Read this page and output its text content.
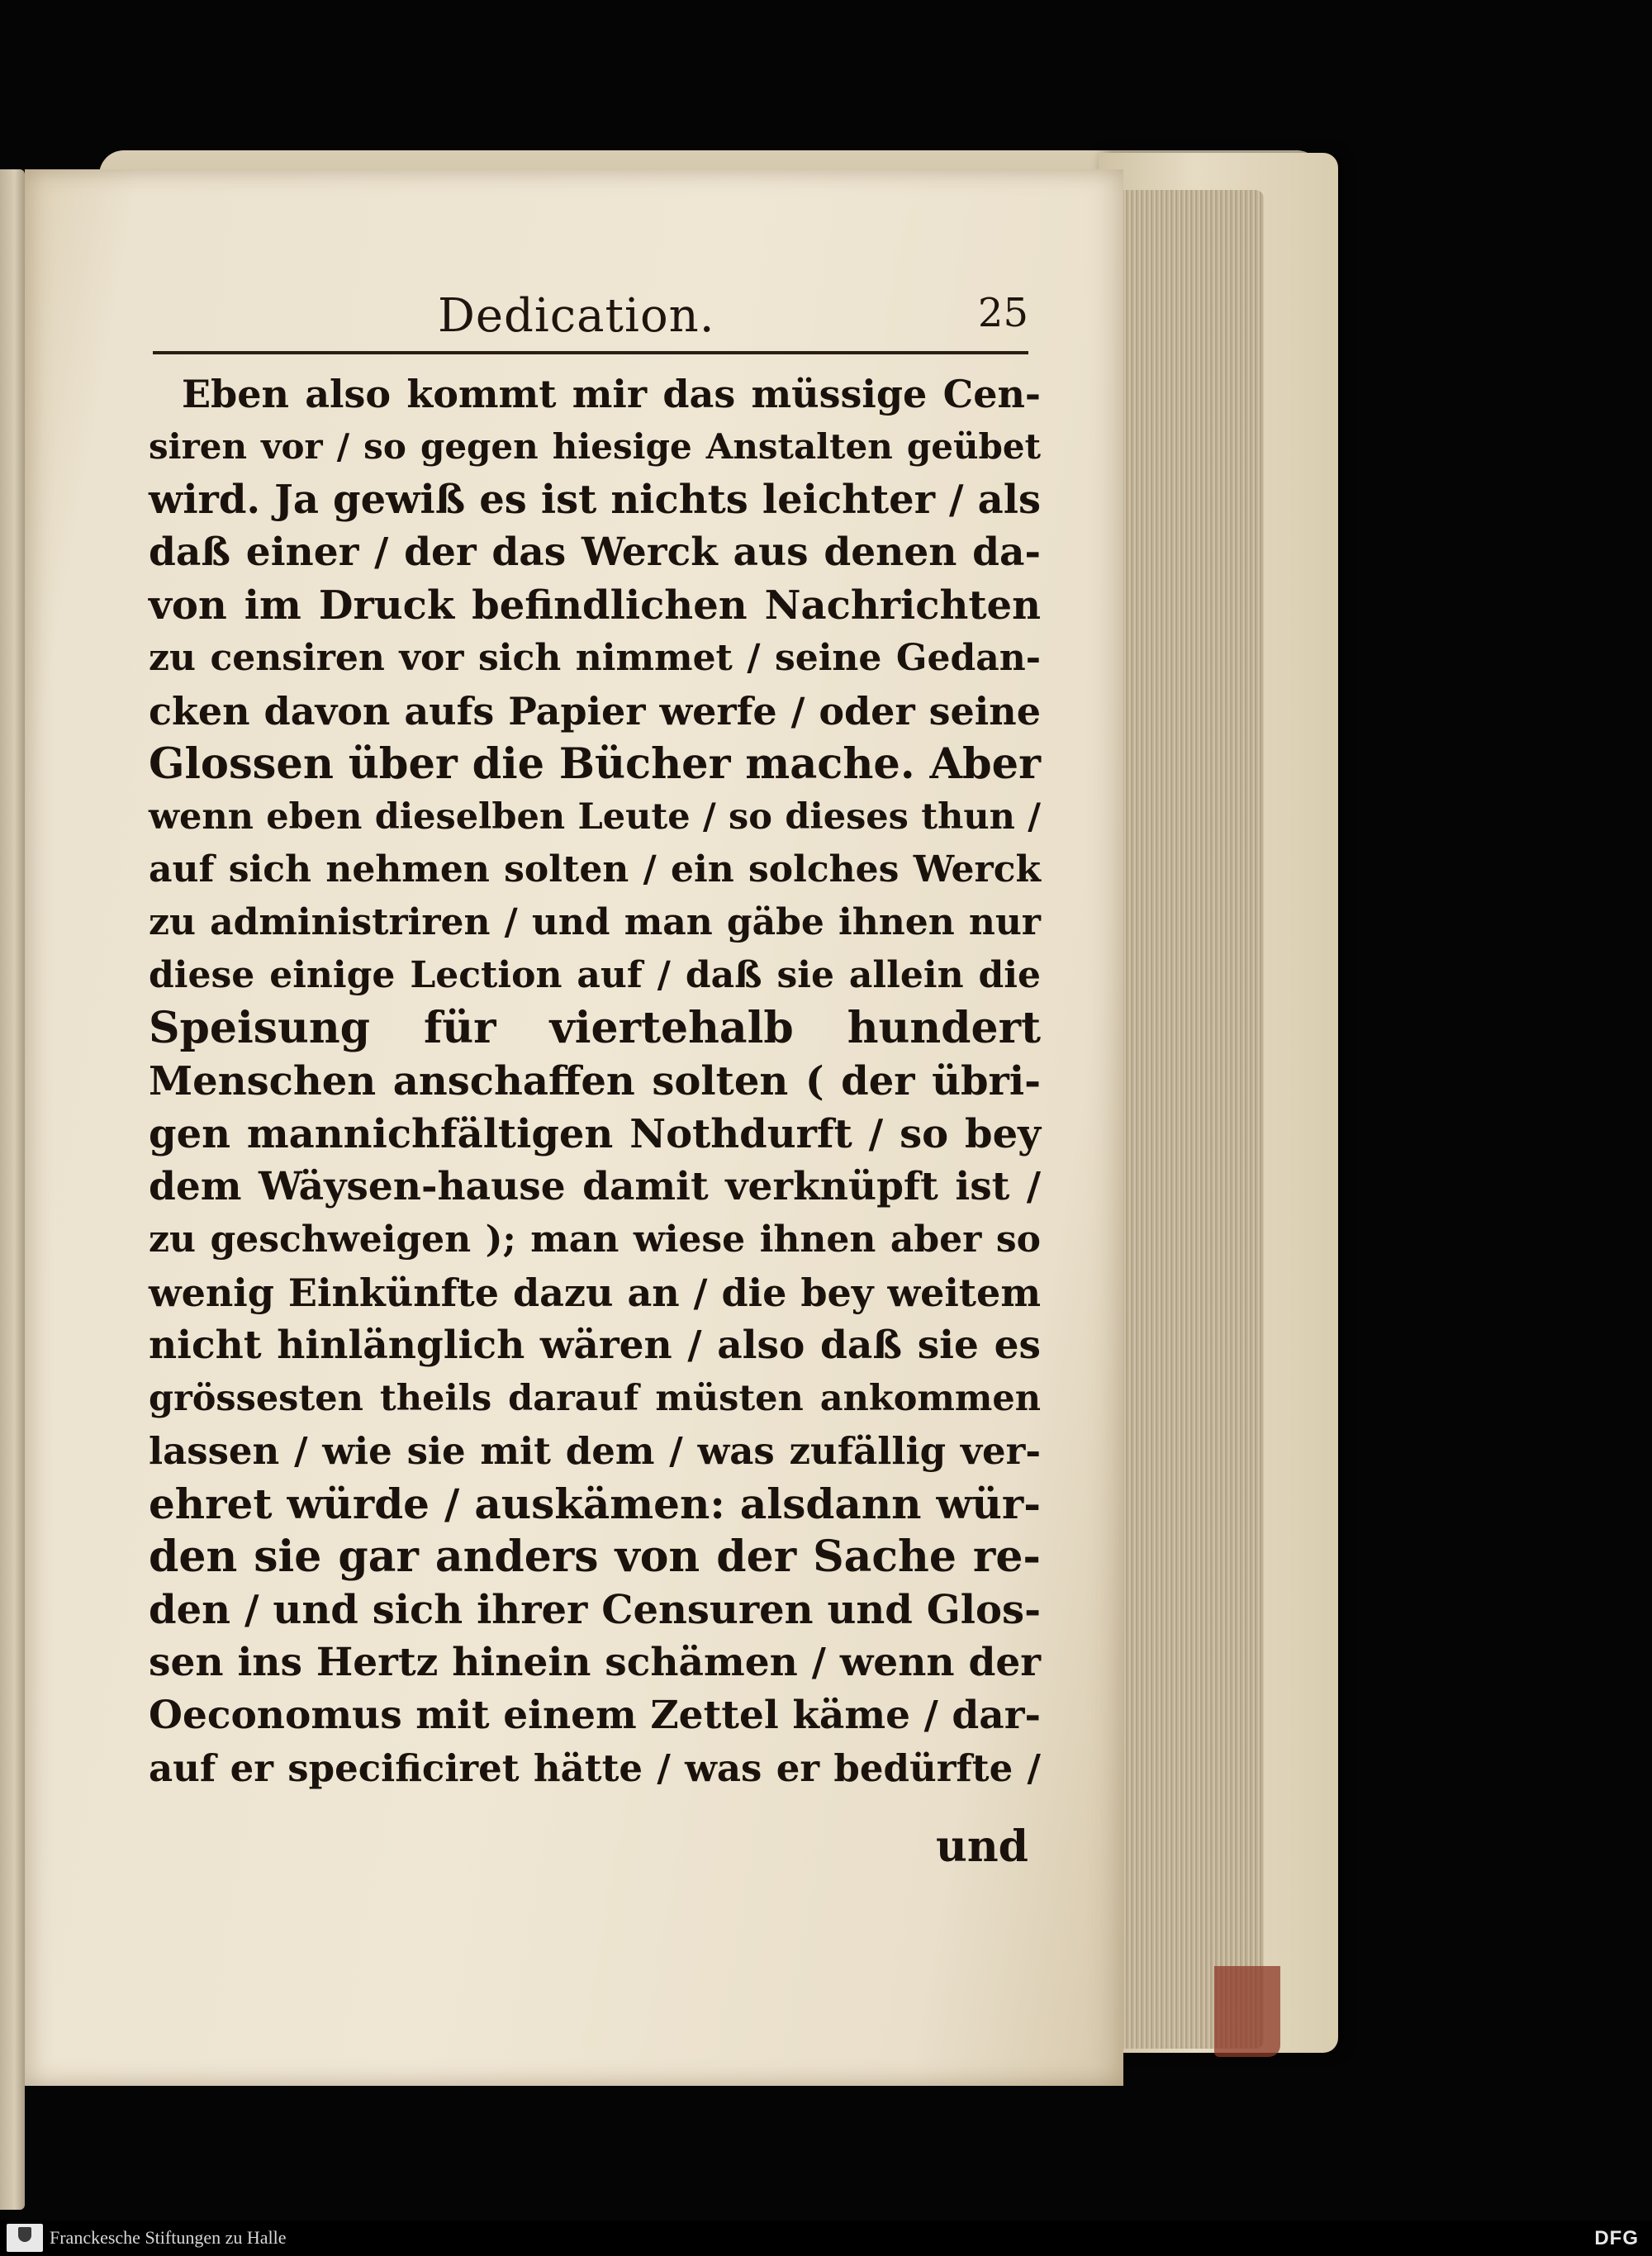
Dedication.	25
Eben also kommt mir das müssige Cen-
siren vor / so gegen hiesige Anstalten geübet
wird. Ja gewiß es ist nichts leichter / als
daß einer / der das Werck aus denen da-
von im Druck befindlichen Nachrichten
zu censiren vor sich nimmet / seine Gedan-
cken davon aufs Papier werfe / oder seine
Glossen über die Bücher mache. Aber
wenn eben dieselben Leute / so dieses thun /
auf sich nehmen solten / ein solches Werck
zu administriren / und man gäbe ihnen nur
diese einige Lection auf / daß sie allein die
Speisung für viertehalb hundert
Menschen anschaffen solten ( der übri-
gen mannichfältigen Nothdurft / so bey
dem Wäysen-hause damit verknüpft ist /
zu geschweigen ); man wiese ihnen aber so
wenig Einkünfte dazu an / die bey weitem
nicht hinlänglich wären / also daß sie es
grössesten theils darauf müsten ankommen
lassen / wie sie mit dem / was zufällig ver-
ehret würde / auskämen: alsdann wür-
den sie gar anders von der Sache re-
den / und sich ihrer Censuren und Glos-
sen ins Hertz hinein schämen / wenn der
Oeconomus mit einem Zettel käme / dar-
auf er specificiret hätte / was er bedürfte /
und
Franckesche Stiftungen zu Halle	DFG
